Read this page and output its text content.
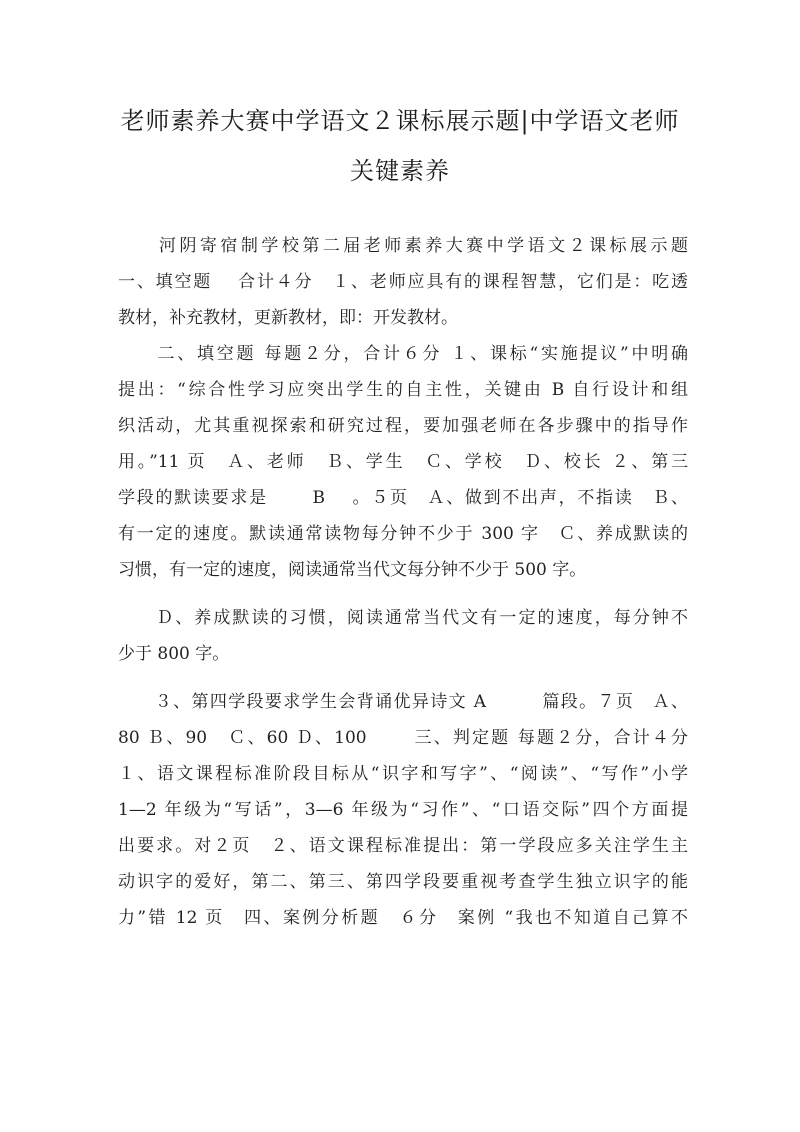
老师素养大赛中学语文２课标展示题|中学语文老师
关键素养
　　河阴寄宿制学校第二届老师素养大赛中学语文２课标展示题
一、填空题　 合计４分　１、老师应具有的课程智慧，它们是：吃透
教材，补充教材，更新教材，即：开发教材。
　　二、填空题 每题２分，合计６分 １、课标“实施提议”中明确
提出：“综合性学习应突出学生的自主性，关键由 B 自行设计和组
织活动，尤其重视探索和研究过程，要加强老师在各步骤中的指导作
用。”11 页　Ａ、老师　Ｂ、学生　Ｃ、学校　Ｄ、校长 ２、第三
学段的默读要求是　　 B　 。５页　Ａ、做到不出声，不指读　Ｂ、
有一定的速度。默读通常读物每分钟不少于 300 字　Ｃ、养成默读的
习惯，有一定的速度，阅读通常当代文每分钟不少于 500 字。
　　Ｄ、养成默读的习惯，阅读通常当代文有一定的速度，每分钟不
少于 800 字。
　　３、第四学段要求学生会背诵优异诗文 A　　　篇段。７页　Ａ、
80 Ｂ、90　Ｃ、60 Ｄ、100　　 三、判定题 每题２分，合计４分
１、语文课程标准阶段目标从“识字和写字”、“阅读”、“写作”小学
1—2 年级为“写话”，3—6 年级为“习作”、“口语交际”四个方面提
出要求。对２页　２、语文课程标准提出：第一学段应多关注学生主
动识字的爱好，第二、第三、第四学段要重视考查学生独立识字的能
力”错 12 页　四、案例分析题　６分　案例 “我也不知道自己算不
